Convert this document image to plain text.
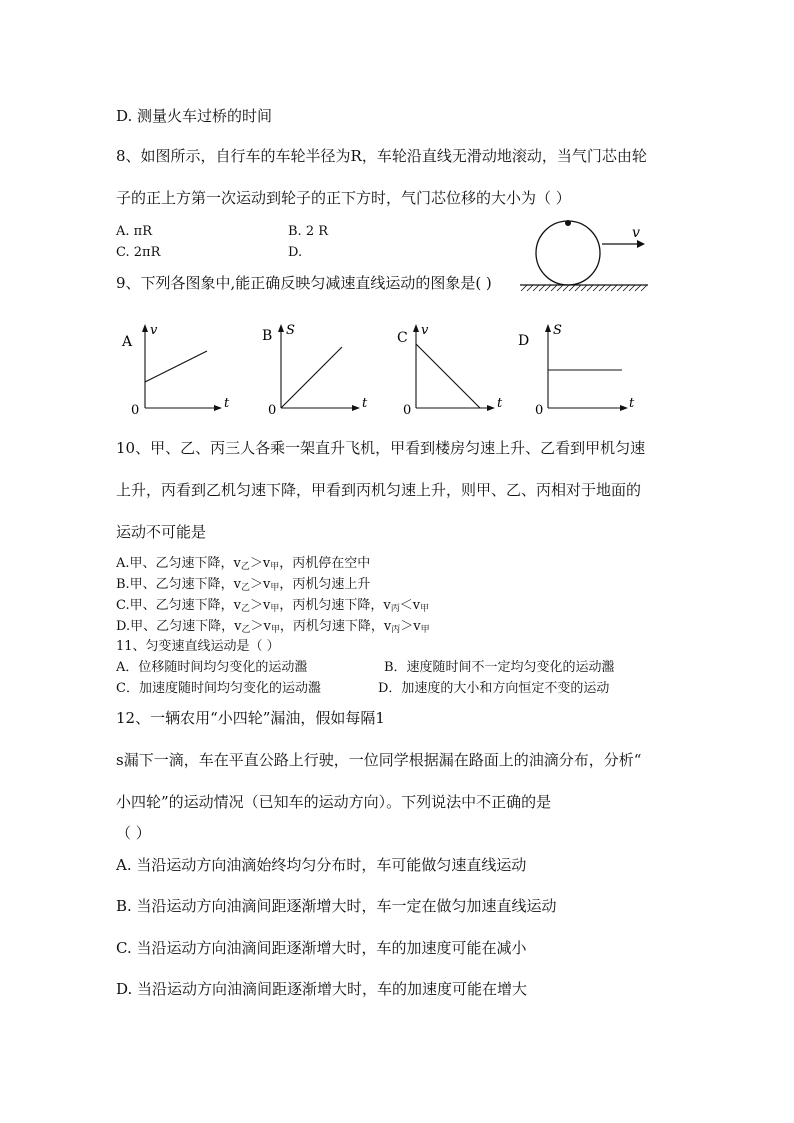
D. 测量火车过桥的时间
8、如图所示，自行车的车轮半径为R，车轮沿直线无滑动地滚动，当气门芯由轮
子的正上方第一次运动到轮子的正下方时，气门芯位移的大小为（ ）
A. πR	B. 2 R
C. 2πR	D.
v
9、下列各图象中,能正确反映匀减速直线运动的图象是( )
A
v
t
0
B S
t
0
C v
t
0
D
S
t
0
10、甲、乙、丙三人各乘一架直升飞机，甲看到楼房匀速上升、乙看到甲机匀速
上升，丙看到乙机匀速下降，甲看到丙机匀速上升，则甲、乙、丙相对于地面的
运动不可能是
A.甲、乙匀速下降，$v_乙>v_甲$，丙机停在空中
B.甲、乙匀速下降，$v_乙>v_甲$，丙机匀速上升
C.甲、乙匀速下降，$v_乙>v_甲$，丙机匀速下降，$v_丙<v_甲$
D.甲、乙匀速下降，$v_乙>v_甲$，丙机匀速下降，$v_丙>v_甲$
11、匀变速直线运动是（ ）
A．位移随时间均匀变化的运动瀊	B．速度随时间不一定均匀变化的运动瀊
C．加速度随时间均匀变化的运动瀊	D．加速度的大小和方向恒定不变的运动
12、一辆农用“小四轮”漏油，假如每隔1
s漏下一滴，车在平直公路上行驶，一位同学根据漏在路面上的油滴分布，分析“
小四轮”的运动情况（已知车的运动方向）。下列说法中不正确的是
（ ）
A. 当沿运动方向油滴始终均匀分布时，车可能做匀速直线运动
B. 当沿运动方向油滴间距逐渐增大时，车一定在做匀加速直线运动
C. 当沿运动方向油滴间距逐渐增大时，车的加速度可能在减小
D. 当沿运动方向油滴间距逐渐增大时，车的加速度可能在增大
